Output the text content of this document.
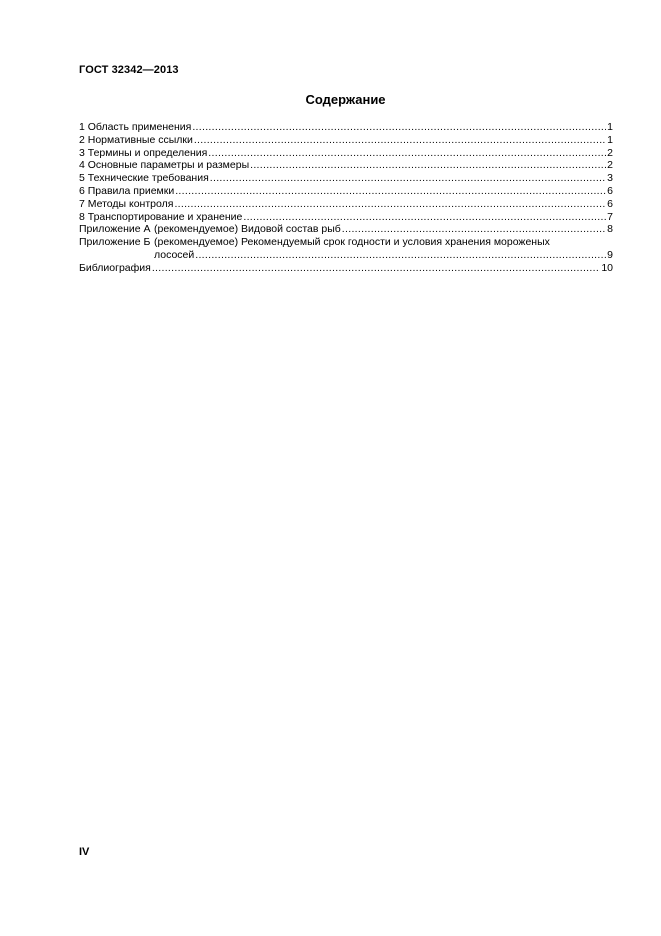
ГОСТ 32342—2013
Содержание
1 Область применения .....	1
2 Нормативные ссылки .....	1
3 Термины и определения .....	2
4 Основные параметры и размеры .....	2
5 Технические требования .....	3
6 Правила приемки .....	6
7 Методы контроля .....	6
8 Транспортирование и хранение .....	7
Приложение А (рекомендуемое) Видовой состав рыб .....	8
Приложение Б (рекомендуемое) Рекомендуемый срок годности и условия хранения мороженых
лососей .....	9
Библиография .....	10
IV
